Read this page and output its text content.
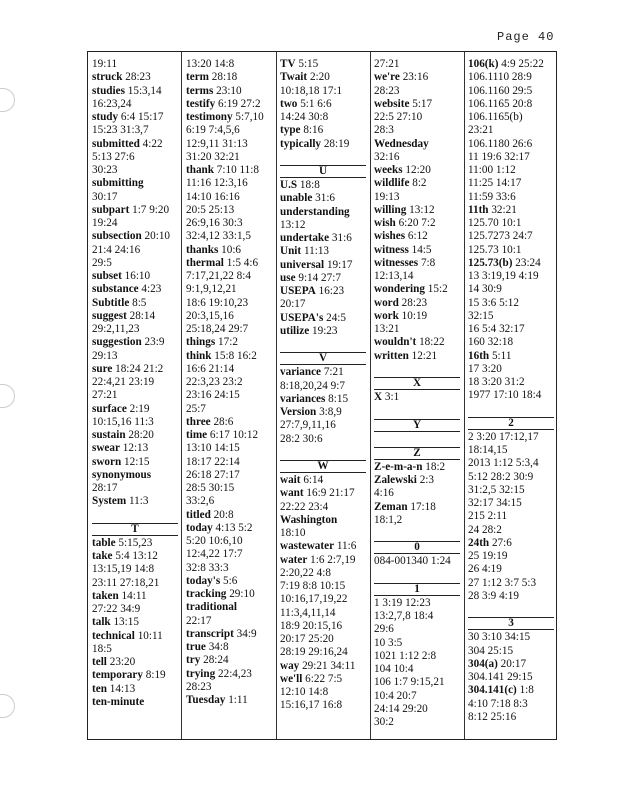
Page 40
19:11
struck 28:23
studies 15:3,14
16:23,24
study 6:4 15:17
15:23 31:3,7
submitted 4:22
5:13 27:6
30:23
submitting
30:17
subpart 1:7 9:20
19:24
subsection 20:10
21:4 24:16
29:5
subset 16:10
substance 4:23
Subtitle 8:5
suggest 28:14
29:2,11,23
suggestion 23:9
29:13
sure 18:24 21:2
22:4,21 23:19
27:21
surface 2:19
10:15,16 11:3
sustain 28:20
swear 12:13
sworn 12:15
synonymous
28:17
System 11:3

T
table 5:15,23
take 5:4 13:12
13:15,19 14:8
23:11 27:18,21
taken 14:11
27:22 34:9
talk 13:15
technical 10:11
18:5
tell 23:20
temporary 8:19
ten 14:13
ten-minute
13:20 14:8
term 28:18
terms 23:10
testify 6:19 27:2
testimony 5:7,10
6:19 7:4,5,6
12:9,11 31:13
31:20 32:21
thank 7:10 11:8
11:16 12:3,16
14:10 16:16
20:5 25:13
26:9,16 30:3
32:4,12 33:1,5
thanks 10:6
thermal 1:5 4:6
7:17,21,22 8:4
9:1,9,12,21
18:6 19:10,23
20:3,15,16
25:18,24 29:7
things 17:2
think 15:8 16:2
16:6 21:14
22:3,23 23:2
23:16 24:15
25:7
three 28:6
time 6:17 10:12
13:10 14:15
18:17 22:14
26:18 27:17
28:5 30:15
33:2,6
titled 20:8
today 4:13 5:2
5:20 10:6,10
12:4,22 17:7
32:8 33:3
today's 5:6
tracking 29:10
traditional
22:17
transcript 34:9
true 34:8
try 28:24
trying 22:4,23
28:23
Tuesday 1:11
TV 5:15
Twait 2:20
10:18,18 17:1
two 5:1 6:6
14:24 30:8
type 8:16
typically 28:19

U
U.S 18:8
unable 31:6
understanding
13:12
undertake 31:6
Unit 11:13
universal 19:17
use 9:14 27:7
USEPA 16:23
20:17
USEPA's 24:5
utilize 19:23

V
variance 7:21
8:18,20,24 9:7
variances 8:15
Version 3:8,9
27:7,9,11,16
28:2 30:6

W
wait 6:14
want 16:9 21:17
22:22 23:4
Washington
18:10
wastewater 11:6
water 1:6 2:7,19
2:20,22 4:8
7:19 8:8 10:15
10:16,17,19,22
11:3,4,11,14
18:9 20:15,16
20:17 25:20
28:19 29:16,24
way 29:21 34:11
we'll 6:22 7:5
12:10 14:8
15:16,17 16:8
27:21
we're 23:16
28:23
website 5:17
22:5 27:10
28:3
Wednesday
32:16
weeks 12:20
wildlife 8:2
19:13
willing 13:12
wish 6:20 7:2
wishes 6:12
witness 14:5
witnesses 7:8
12:13,14
wondering 15:2
word 28:23
work 10:19
13:21
wouldn't 18:22
written 12:21

X
X 3:1

Y

Z
Z-e-m-a-n 18:2
Zalewski 2:3
4:16
Zeman 17:18
18:1,2

0
084-001340 1:24

1
1 3:19 12:23
13:2,7,8 18:4
29:6
10 3:5
1021 1:12 2:8
104 10:4
106 1:7 9:15,21
10:4 20:7
24:14 29:20
30:2
106(k) 4:9 25:22
106.1110 28:9
106.1160 29:5
106.1165 20:8
106.1165(b)
23:21
106.1180 26:6
11 19:6 32:17
11:00 1:12
11:25 14:17
11:59 33:6
11th 32:21
125.70 10:1
125.7273 24:7
125.73 10:1
125.73(b) 23:24
13 3:19,19 4:19
14 30:9
15 3:6 5:12
32:15
16 5:4 32:17
160 32:18
16th 5:11
17 3:20
18 3:20 31:2
1977 17:10 18:4

2
2 3:20 17:12,17
18:14,15
2013 1:12 5:3,4
5:12 28:2 30:9
31:2,5 32:15
32:17 34:15
215 2:11
24 28:2
24th 27:6
25 19:19
26 4:19
27 1:12 3:7 5:3
28 3:9 4:19

3
30 3:10 34:15
304 25:15
304(a) 20:17
304.141 29:15
304.141(c) 1:8
4:10 7:18 8:3
8:12 25:16
